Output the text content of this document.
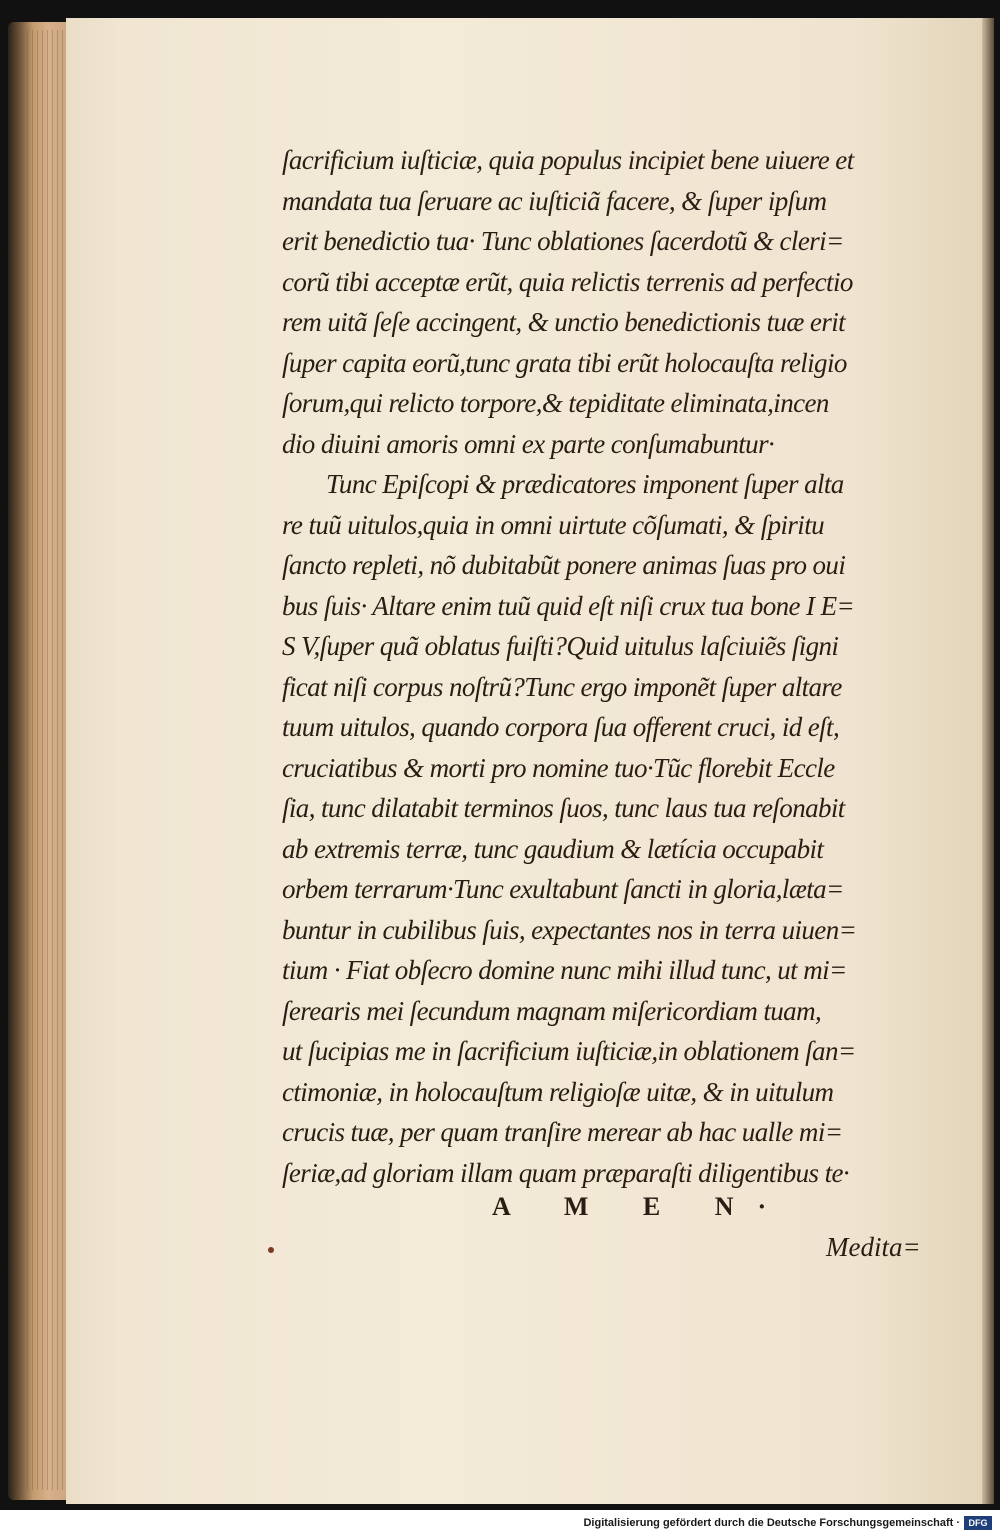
ſacrificium iuſticiæ, quia populus incipiet bene uiuere et
mandata tua ſeruare ac iuſticiã facere, & ſuper ipſum
erit benedictio tua· Tunc oblationes ſacerdotũ & cleri=
corũ tibi acceptæ erũt, quia relictis terrenis ad perfectio
rem uitã ſeſe accingent, & unctio benedictionis tuæ erit
ſuper capita eorũ,tunc grata tibi erũt holocauſta religio
ſorum,qui relicto torpore,& tepiditate eliminata,incen
dio diuini amoris omni ex parte conſumabuntur·
Tunc Epiſcopi & prædicatores imponent ſuper alta
re tuũ uitulos,quia in omni uirtute cõſumati, & ſpiritu
ſancto repleti, nõ dubitabũt ponere animas ſuas pro oui
bus ſuis· Altare enim tuũ quid eſt niſi crux tua bone I E=
S V,ſuper quã oblatus fuiſti?Quid uitulus laſciuiẽs ſigni
ficat niſi corpus noſtrũ?Tunc ergo imponẽt ſuper altare
tuum uitulos, quando corpora ſua offerent cruci, id eſt,
cruciatibus & morti pro nomine tuo·Tũc florebit Eccle
ſia, tunc dilatabit terminos ſuos, tunc laus tua reſonabit
ab extremis terræ, tunc gaudium & lætícia occupabit
orbem terrarum·Tunc exultabunt ſancti in gloria,læta=
buntur in cubilibus ſuis, expectantes nos in terra uiuen=
tium · Fiat obſecro domine nunc mihi illud tunc, ut mi=
ſerearis mei ſecundum magnam miſericordiam tuam,
ut ſucipias me in ſacrificium iuſticiæ,in oblationem ſan=
ctimoniæ, in holocauſtum religioſæ uitæ, & in uitulum
crucis tuæ, per quam tranſire merear ab hac ualle mi=
ſeriæ,ad gloriam illam quam præparaſti diligentibus te·
A M E N·
Medita=
Digitalisierung gefördert durch die Deutsche Forschungsgemeinschaft · DFG
